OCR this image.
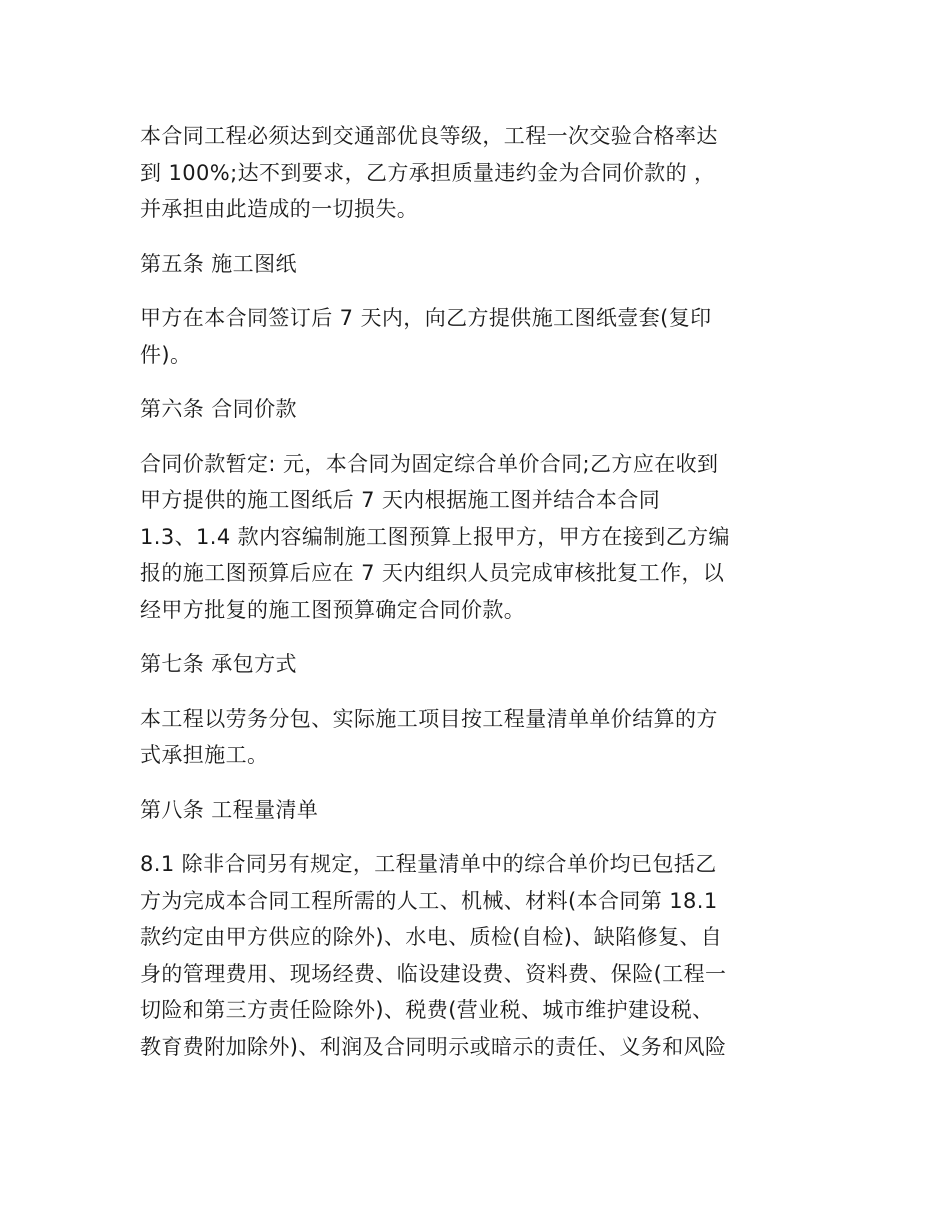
本合同工程必须达到交通部优良等级，工程一次交验合格率达
到 100%;达不到要求，乙方承担质量违约金为合同价款的 ，
并承担由此造成的一切损失。

第五条 施工图纸

甲方在本合同签订后 7 天内，向乙方提供施工图纸壹套(复印
件)。

第六条 合同价款

合同价款暂定: 元，本合同为固定综合单价合同;乙方应在收到
甲方提供的施工图纸后 7 天内根据施工图并结合本合同
1.3、1.4 款内容编制施工图预算上报甲方，甲方在接到乙方编
报的施工图预算后应在 7 天内组织人员完成审核批复工作，以
经甲方批复的施工图预算确定合同价款。

第七条 承包方式

本工程以劳务分包、实际施工项目按工程量清单单价结算的方
式承担施工。

第八条 工程量清单

8.1 除非合同另有规定，工程量清单中的综合单价均已包括乙
方为完成本合同工程所需的人工、机械、材料(本合同第 18.1
款约定由甲方供应的除外)、水电、质检(自检)、缺陷修复、自
身的管理费用、现场经费、临设建设费、资料费、保险(工程一
切险和第三方责任险除外)、税费(营业税、城市维护建设税、
教育费附加除外)、利润及合同明示或暗示的责任、义务和风险
